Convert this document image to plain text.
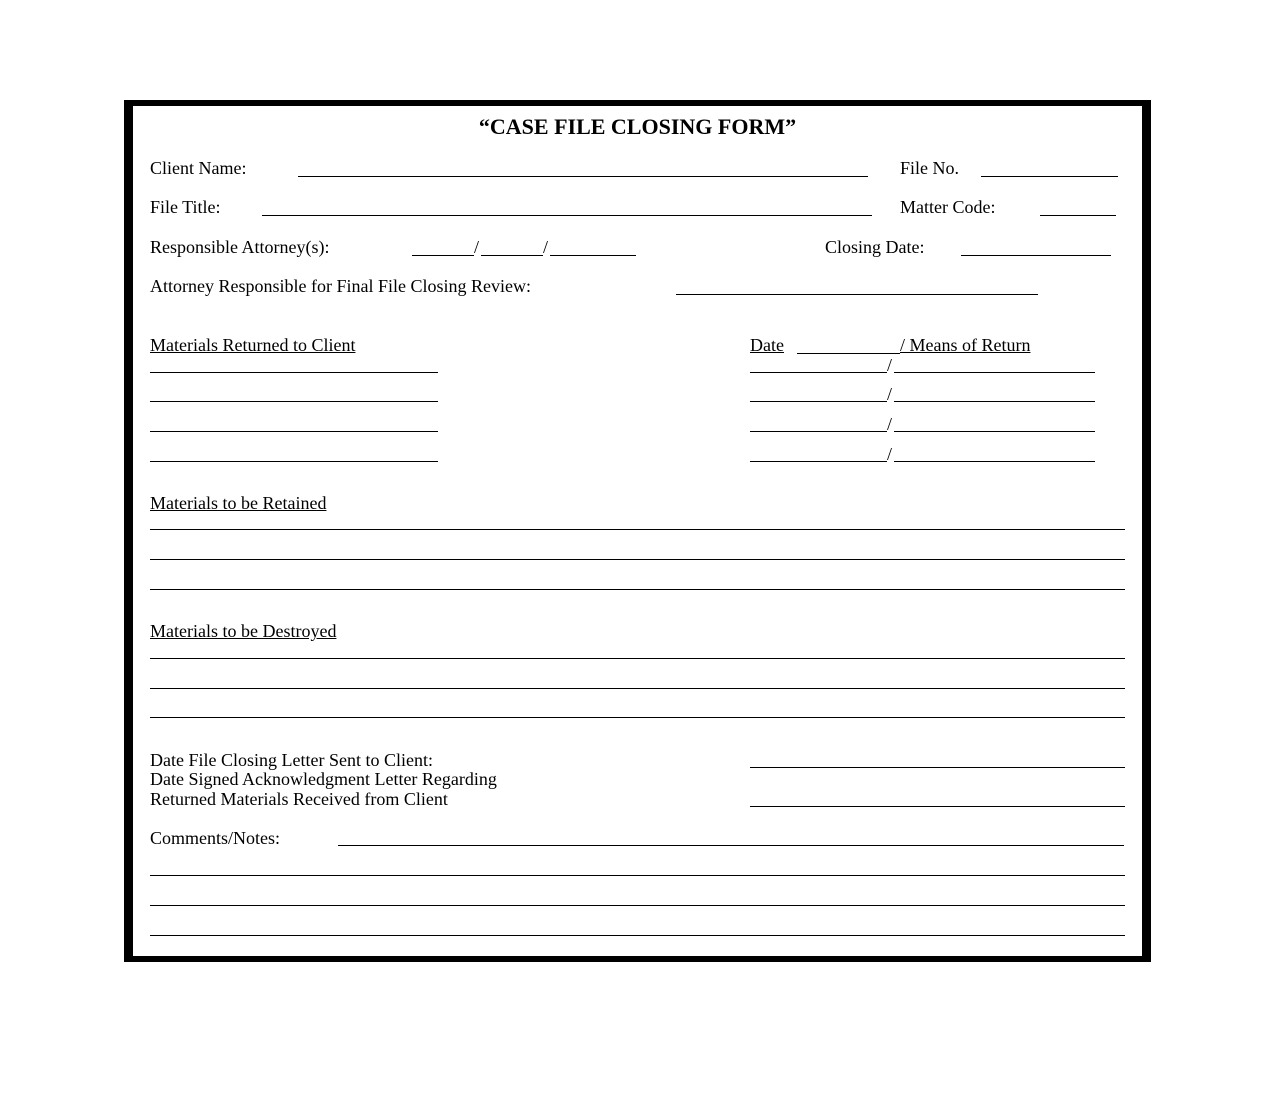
“CASE FILE CLOSING FORM”
Client Name:	File No.
File Title:	Matter Code:
Responsible Attorney(s):	/	/	Closing Date:
Attorney Responsible for Final File Closing Review:
Materials Returned to Client	Date	/ Means of Return
/
/
/
/
Materials to be Retained
Materials to be Destroyed
Date File Closing Letter Sent to Client:
Date Signed Acknowledgment Letter Regarding
Returned Materials Received from Client
Comments/Notes:
